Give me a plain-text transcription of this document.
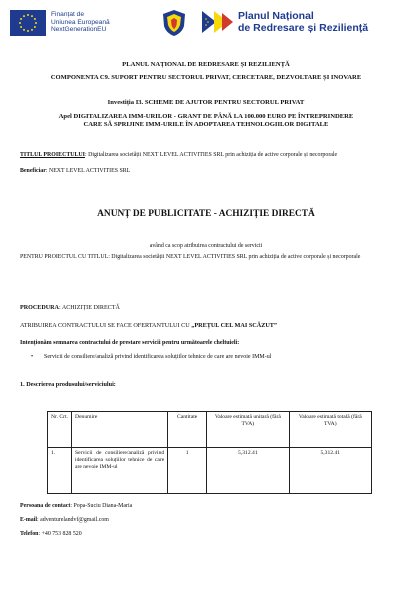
Finanțat de
Uniunea Europeană
NextGenerationEU
Planul Național
de Redresare și Reziliență
PLANUL NAȚIONAL DE REDRESARE ȘI REZILIENȚĂ
COMPONENTA C9. SUPORT PENTRU SECTORUL PRIVAT, CERCETARE, DEZVOLTARE ȘI INOVARE
Investiția I3. SCHEME DE AJUTOR PENTRU SECTORUL PRIVAT
Apel DIGITALIZAREA IMM-URILOR - GRANT DE PÂNĂ LA 100.000 EURO PE ÎNTREPRINDERE CARE SĂ SPRIJINE IMM-URILE ÎN ADOPTAREA TEHNOLOGIILOR DIGITALE
TITLUL PROIECTULUI: Digitalizarea societății NEXT LEVEL ACTIVITIES SRL prin achiziția de active corporale și necorporale
Beneficiar: NEXT LEVEL ACTIVITIES SRL
ANUNȚ DE PUBLICITATE - ACHIZIȚIE DIRECTĂ
având ca scop atribuirea contractului de servicii
PENTRU PROIECTUL CU TITLUL: Digitalizarea societății NEXT LEVEL ACTIVITIES SRL prin achiziția de active corporale și necorporale
PROCEDURA: ACHIZIȚIE DIRECTĂ
ATRIBUIREA CONTRACTULUI SE FACE OFERTANTULUI CU „PREȚUL CEL MAI SCĂZUT”
Intenționăm semnarea contractului de prestare servicii pentru următoarele cheltuieli:
• Servicii de consiliere/analiză privind identificarea soluțiilor tehnice de care are nevoie IMM-ul
1. Descrierea produsului/serviciului:
Nr. Crt.	Denumire	Cantitate	Valoare estimată unitară (fără TVA)	Valoare estimată totală (fără TVA)
1.	Servicii de consiliere/analiză privind identificarea soluțiilor tehnice de care are nevoie IMM-ul	1	5,312.41	5,312.41
Persoana de contact: Popa-Suciu Diana-Maria
E-mail: adventurelandvf@gmail.com
Telefon: +40 753 828 520
